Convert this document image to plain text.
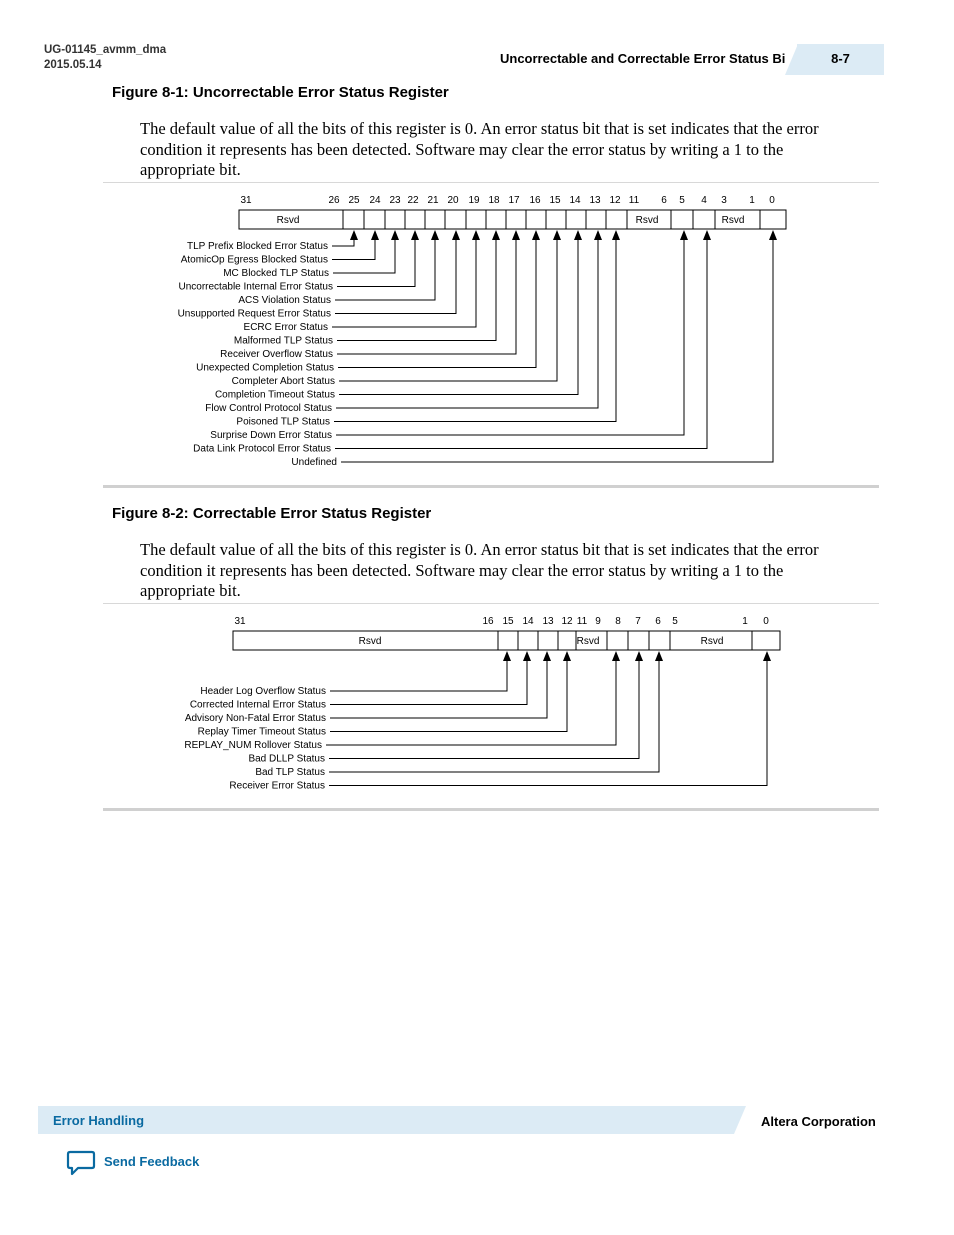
UG-01145_avmm_dma
2015.05.14	Uncorrectable and Correctable Error Status Bits	8-7
Figure 8-1: Uncorrectable Error Status Register
The default value of all the bits of this register is 0. An error status bit that is set indicates that the error condition it represents has been detected. Software may clear the error status by writing a 1 to the appropriate bit.
31	26 25 24 23 22 21 20 19 18 17 16 15 14 13 12 11 6 5 4 3 1 0
Rsvd	Rsvd	Rsvd
TLP Prefix Blocked Error Status
AtomicOp Egress Blocked Status
MC Blocked TLP Status
Uncorrectable Internal Error Status
ACS Violation Status
Unsupported Request Error Status
ECRC Error Status
Malformed TLP Status
Receiver Overflow Status
Unexpected Completion Status
Completer Abort Status
Completion Timeout Status
Flow Control Protocol Status
Poisoned TLP Status
Surprise Down Error Status
Data Link Protocol Error Status
Undefined
Figure 8-2: Correctable Error Status Register
The default value of all the bits of this register is 0. An error status bit that is set indicates that the error condition it represents has been detected. Software may clear the error status by writing a 1 to the appropriate bit.
31	16 15 14 13 12 11 9 8 7 6 5	1 0
Rsvd	Rsvd	Rsvd
Header Log Overflow Status
Corrected Internal Error Status
Advisory Non-Fatal Error Status
Replay Timer Timeout Status
REPLAY_NUM Rollover Status
Bad DLLP Status
Bad TLP Status
Receiver Error Status
Error Handling	Altera Corporation
Send Feedback
